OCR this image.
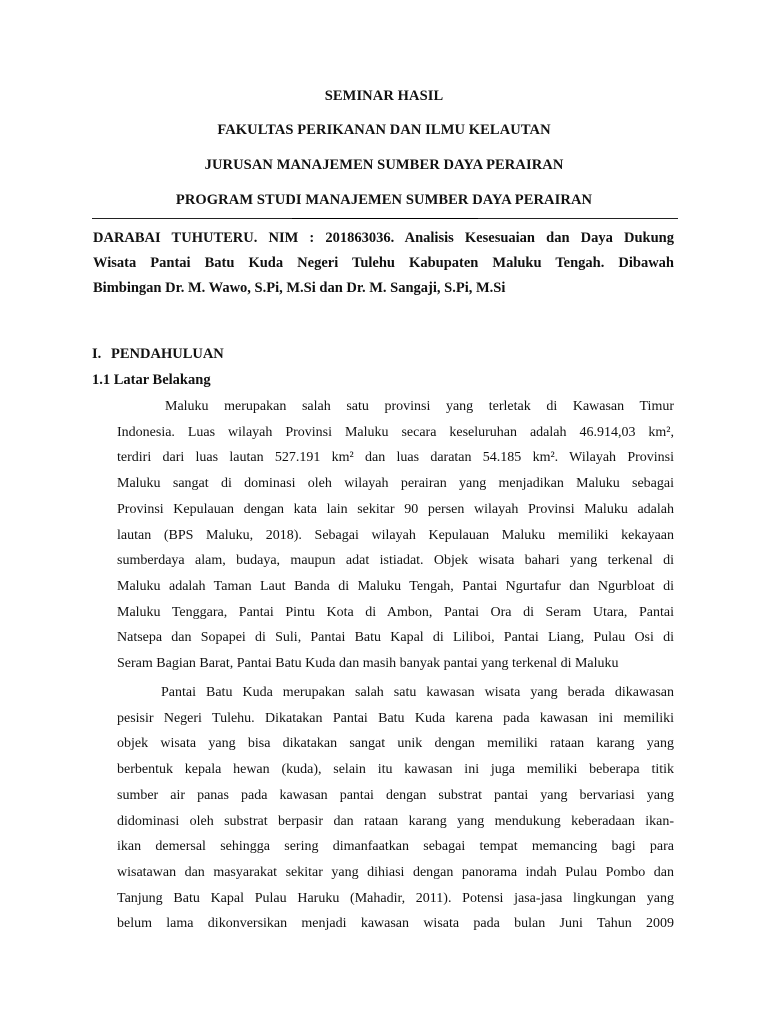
SEMINAR HASIL
FAKULTAS PERIKANAN DAN ILMU KELAUTAN
JURUSAN MANAJEMEN SUMBER DAYA PERAIRAN
PROGRAM STUDI MANAJEMEN SUMBER DAYA PERAIRAN
DARABAI TUHUTERU. NIM : 201863036. Analisis Kesesuaian dan Daya Dukung
Wisata Pantai Batu Kuda Negeri Tulehu Kabupaten Maluku Tengah. Dibawah
Bimbingan Dr. M. Wawo, S.Pi, M.Si dan Dr. M. Sangaji, S.Pi, M.Si
I. PENDAHULUAN
1.1 Latar Belakang
Maluku merupakan salah satu provinsi yang terletak di Kawasan Timur
Indonesia. Luas wilayah Provinsi Maluku secara keseluruhan adalah 46.914,03 km²,
terdiri dari luas lautan 527.191 km² dan luas daratan 54.185 km². Wilayah Provinsi
Maluku sangat di dominasi oleh wilayah perairan yang menjadikan Maluku sebagai
Provinsi Kepulauan dengan kata lain sekitar 90 persen wilayah Provinsi Maluku adalah
lautan (BPS Maluku, 2018). Sebagai wilayah Kepulauan Maluku memiliki kekayaan
sumberdaya alam, budaya, maupun adat istiadat. Objek wisata bahari yang terkenal di
Maluku adalah Taman Laut Banda di Maluku Tengah, Pantai Ngurtafur dan Ngurbloat di
Maluku Tenggara, Pantai Pintu Kota di Ambon, Pantai Ora di Seram Utara, Pantai
Natsepa dan Sopapei di Suli, Pantai Batu Kapal di Liliboi, Pantai Liang, Pulau Osi di
Seram Bagian Barat, Pantai Batu Kuda dan masih banyak pantai yang terkenal di Maluku
Pantai Batu Kuda merupakan salah satu kawasan wisata yang berada dikawasan
pesisir Negeri Tulehu. Dikatakan Pantai Batu Kuda karena pada kawasan ini memiliki
objek wisata yang bisa dikatakan sangat unik dengan memiliki rataan karang yang
berbentuk kepala hewan (kuda), selain itu kawasan ini juga memiliki beberapa titik
sumber air panas pada kawasan pantai dengan substrat pantai yang bervariasi yang
didominasi oleh substrat berpasir dan rataan karang yang mendukung keberadaan ikan-
ikan demersal sehingga sering dimanfaatkan sebagai tempat memancing bagi para
wisatawan dan masyarakat sekitar yang dihiasi dengan panorama indah Pulau Pombo dan
Tanjung Batu Kapal Pulau Haruku (Mahadir, 2011). Potensi jasa-jasa lingkungan yang
belum lama dikonversikan menjadi kawasan wisata pada bulan Juni Tahun 2009
